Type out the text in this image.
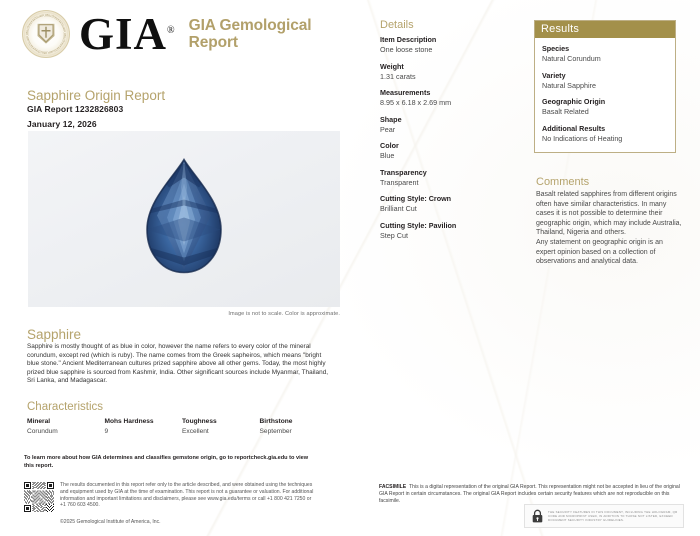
GIA® GIA Gemological
Report
Sapphire Origin Report
GIA Report 1232826803
January 12, 2026
Image is not to scale. Color is approximate.
Sapphire
Sapphire is mostly thought of as blue in color, however the name refers to every color of the mineral corundum, except red (which is ruby). The name comes from the Greek sapheiros, which means "bright blue stone." Ancient Mediterranean cultures prized sapphire above all other gems. Today, the most highly prized blue sapphire is sourced from Kashmir, India. Other significant sources include Myanmar, Thailand, Sri Lanka, and Madagascar.
Characteristics
Mineral
Corundum
Mohs Hardness
9
Toughness
Excellent
Birthstone
September
Details
Item Description
One loose stone
Weight
1.31 carats
Measurements
8.95 x 6.18 x 2.69 mm
Shape
Pear
Color
Blue
Transparency
Transparent
Cutting Style: Crown
Brilliant Cut
Cutting Style: Pavilion
Step Cut
Results
Species
Natural Corundum
Variety
Natural Sapphire
Geographic Origin
Basalt Related
Additional Results
No Indications of Heating
Comments
Basalt related sapphires from different origins often have similar characteristics. In many cases it is not possible to determine their geographic origin, which may include Australia, Thailand, Nigeria and others.
Any statement on geographic origin is an expert opinion based on a collection of observations and analytical data.
To learn more about how GIA determines and classifies gemstone origin, go to reportcheck.gia.edu to view this report.
The results documented in this report refer only to the article described, and were obtained using the techniques and equipment used by GIA at the time of examination. This report is not a guarantee or valuation. For additional information and important limitations and disclaimers, please see www.gia.edu/terms or call +1 800 421 7250 or +1 760 603 4500.
©2025 Gemological Institute of America, Inc.
FACSIMILE This is a digital representation of the original GIA Report. This representation might not be accepted in lieu of the original GIA Report in certain circumstances. The original GIA Report includes certain security features which are not reproducible on this facsimile.
THE SECURITY FEATURES IN THIS DOCUMENT, INCLUDING THE HOLOGRAM, QR CODE AND MICROPRINT USED, IN ADDITION TO THOSE NOT LISTED, EXCEED DOCUMENT SECURITY INDUSTRY GUIDELINES.
